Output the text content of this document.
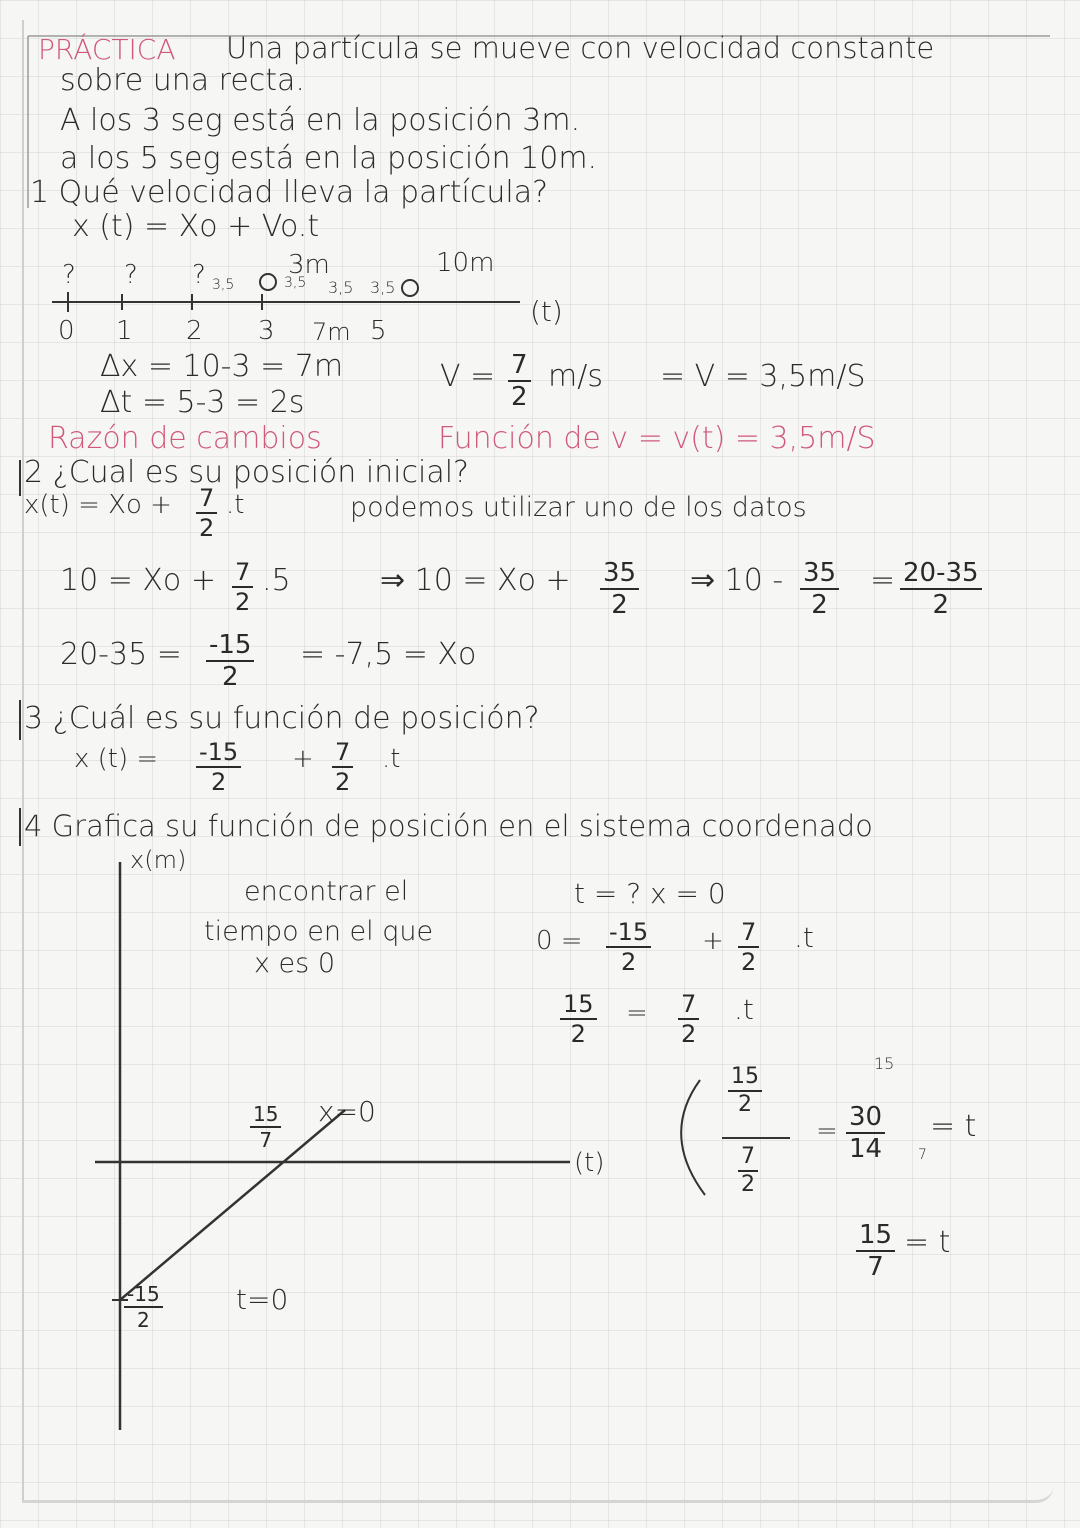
PRÁCTICA Una partícula se mueve con velocidad constante
sobre una recta.
A los 3 seg está en la posición 3m.
a los 5 seg está en la posición 10m.
1 Qué velocidad lleva la partícula?
x (t) = Xo + Vo.t
? ? ? 3,5	3,5 3,5 3,5
3m	10m
0 1 2 3	5
7m
(t)
Δx = 10-3 = 7m
Δt = 5-3 = 2s
$V = \frac{7}{2} m/s = V = 3,5m/S$
Razón de cambios	Función de v = v(t) = 3,5m/S
2 ¿Cual es su posición inicial?
$x(t) = Xo + \frac{7}{2} .t$	podemos utilizar uno de los datos
$10 = Xo + \frac{7}{2} .5$	⇒ $10 = Xo + \frac{35}{2}$ ⇒ $10 - \frac{35}{2} = \frac{20-35}{2}$
$20-35 = \frac{-15}{2} = -7,5 = Xo$
3 ¿Cuál es su función de posición?
x $(t) = \frac{-15}{2} + \frac{7}{2} .t$
4 Grafica su función de posición en el sistema coordenado
x(m)
encontrar el
tiempo en el que
x es 0
t = ? x = 0
$0 = \frac{-15}{2} + \frac{7}{2} .t$
$\frac{15}{2} = \frac{7}{2} .t$
$\frac{15}{2}$
$\frac{7}{2}$
=
15
$\frac{30}{14} 7$
= t
$\frac{15}{7} = t$
$\frac{15}{7} x=0$
(t)
$\frac{-15}{2}$	t=0
